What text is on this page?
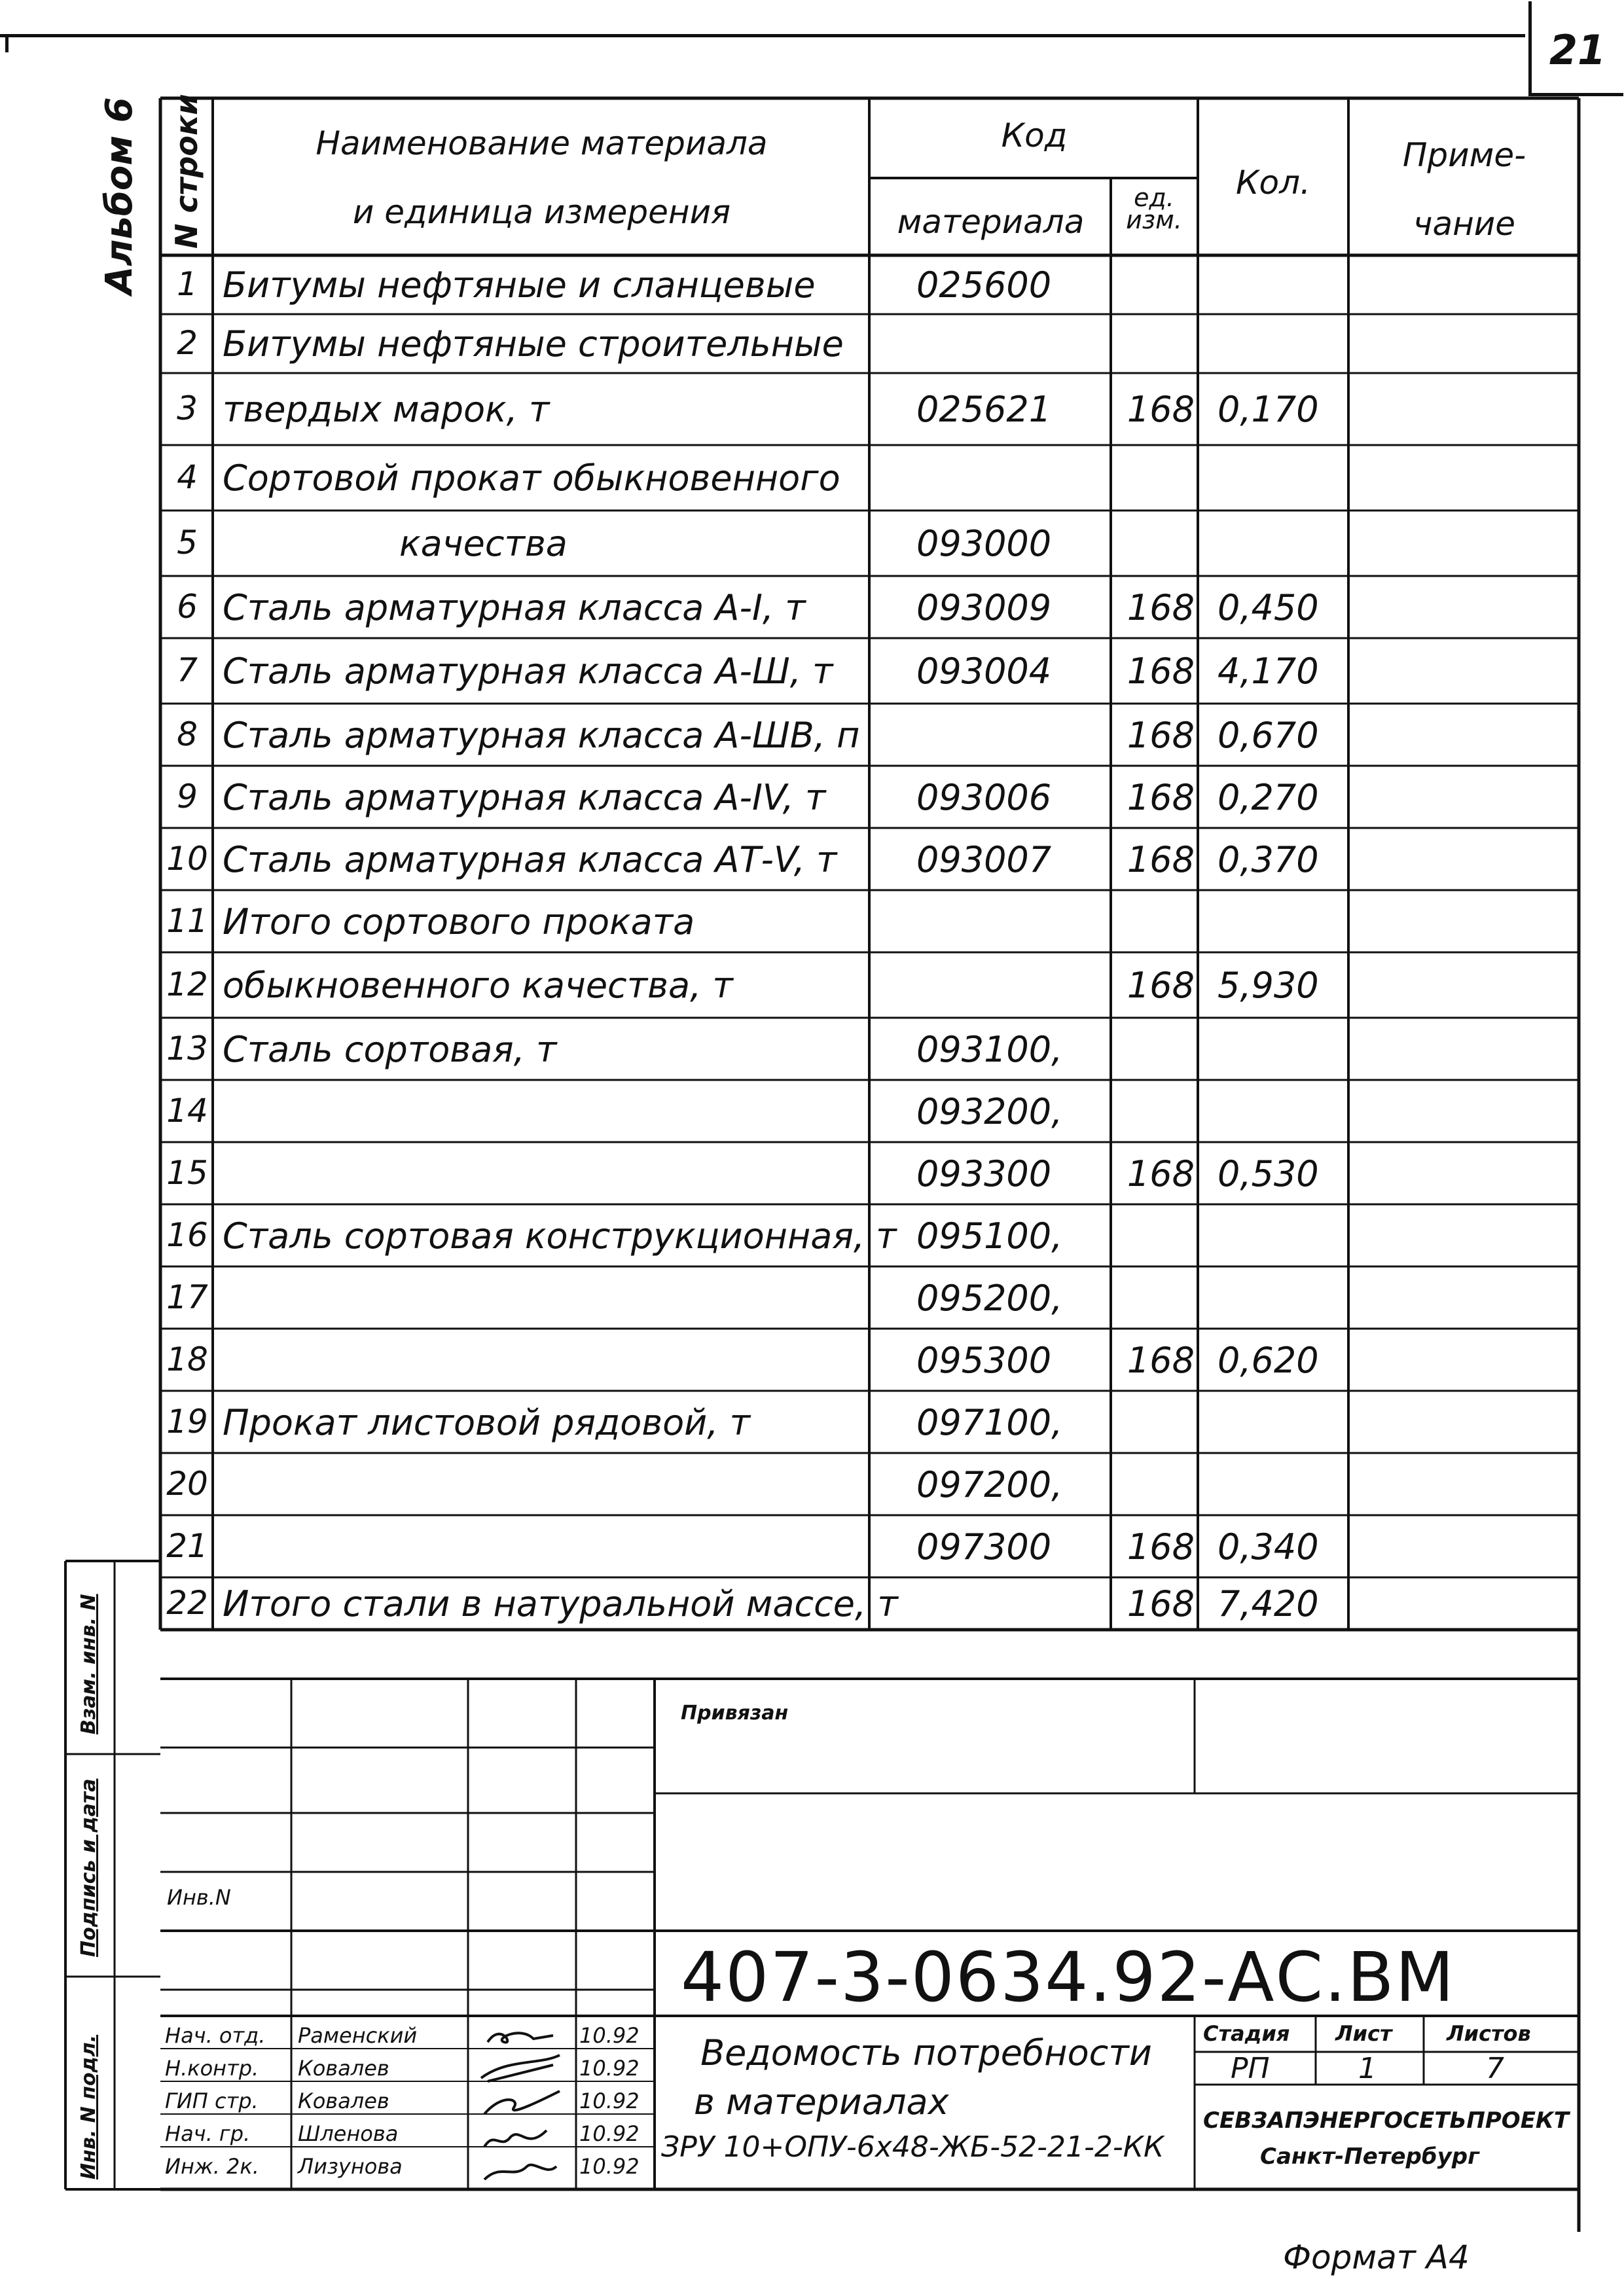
21
Альбом 6 N строки	Наименование материала
и единица измерения
Код
материала
ед. изм.
Кол.
Приме- чание
1 Битумы нефтяные и сланцевые	025600
2 Битумы нефтяные строительные
3 твердых марок, т	025621	168 0,170
4 Сортовой прокат обыкновенного
5	качества	093000
6 Сталь арматурная класса А-I, т	093009	168 0,450
7 Сталь арматурная класса А-Ш, т 093004	168 4,170
8 Сталь арматурная класса А-ШВ, п	168 0,670
9 Сталь арматурная класса А-IV, т	093006	168 0,270
10 Сталь арматурная класса АТ-V, т 093007	168 0,370
11 Итого сортового проката
12 обыкновенного качества, т	168 5,930
13 Сталь сортовая, т	093100,
14	093200,
15	093300	168 0,530
16 Сталь сортовая конструкционная, т 095100,
17	095200,
18	095300	168 0,620
19 Прокат листовой рядовой, т	097100,
20	097200,
21	097300	168 0,340
22 Итого стали в натуральной массе, т	168 7,420
Инв. N подл.
Подпись и дата
Взам. инв. N	Привязан
Инв.N
407-3-0634.92-АС.ВМ
Ведомость потребности
в материалах
ЗРУ 10+ОПУ-6х48-ЖБ-52-21-2-КК
Стадия Лист	Листов
РП	1	7
СЕВЗАПЭНЕРГОСЕТЬПРОЕКТ
Санкт-Петербург
Нач. отд. Раменский	10.92
Н.контр. Ковалев	10.92
ГИП стр. Ковалев	10.92
Нач. гр. Шленова	10.92
Инж. 2к. Лизунова	10.92
Формат А4
